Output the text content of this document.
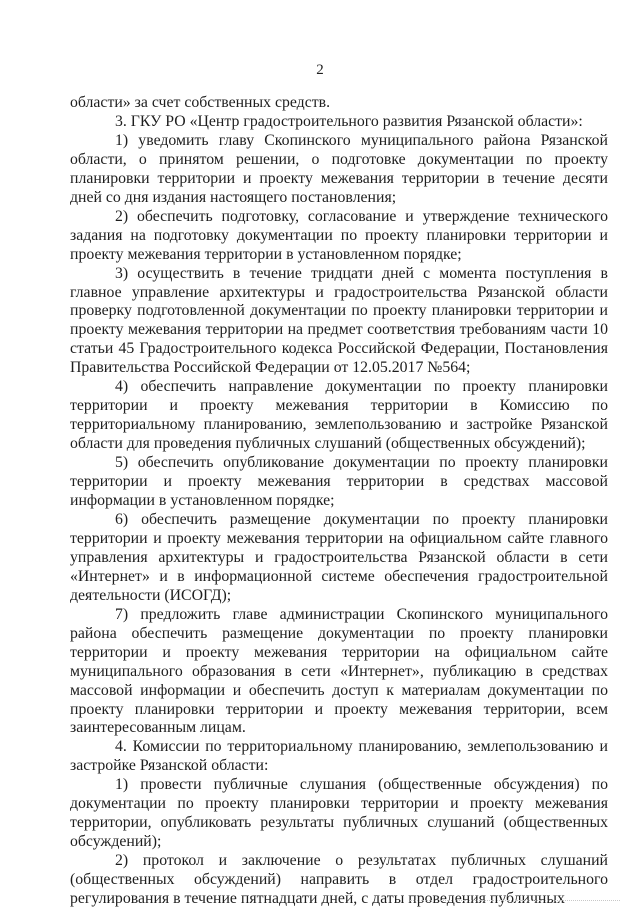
2

области» за счет собственных средств.

3. ГКУ РО «Центр градостроительного развития Рязанской области»:

1) уведомить главу Скопинского муниципального района Рязанской области, о принятом решении, о подготовке документации по проекту планировки территории и проекту межевания территории в течение десяти дней со дня издания настоящего постановления;

2) обеспечить подготовку, согласование и утверждение технического задания на подготовку документации по проекту планировки территории и проекту межевания территории в установленном порядке;

3) осуществить в течение тридцати дней с момента поступления в главное управление архитектуры и градостроительства Рязанской области проверку подготовленной документации по проекту планировки территории и проекту межевания территории на предмет соответствия требованиям части 10 статьи 45 Градостроительного кодекса Российской Федерации, Постановления Правительства Российской Федерации от 12.05.2017 №564;

4) обеспечить направление документации по проекту планировки территории и проекту межевания территории в Комиссию по территориальному планированию, землепользованию и застройке Рязанской области для проведения публичных слушаний (общественных обсуждений);

5) обеспечить опубликование документации по проекту планировки территории и проекту межевания территории в средствах массовой информации в установленном порядке;

6) обеспечить размещение документации по проекту планировки территории и проекту межевания территории на официальном сайте главного управления архитектуры и градостроительства Рязанской области в сети «Интернет» и в информационной системе обеспечения градостроительной деятельности (ИСОГД);

7) предложить главе администрации Скопинского муниципального района обеспечить размещение документации по проекту планировки территории и проекту межевания территории на официальном сайте муниципального образования в сети «Интернет», публикацию в средствах массовой информации и обеспечить доступ к материалам документации по проекту планировки территории и проекту межевания территории, всем заинтересованным лицам.

4. Комиссии по территориальному планированию, землепользованию и застройке Рязанской области:

1) провести публичные слушания (общественные обсуждения) по документации по проекту планировки территории и проекту межевания территории, опубликовать результаты публичных слушаний (общественных обсуждений);

2) протокол и заключение о результатах публичных слушаний (общественных обсуждений) направить в отдел градостроительного регулирования в течение пятнадцати дней, с даты проведения публичных
